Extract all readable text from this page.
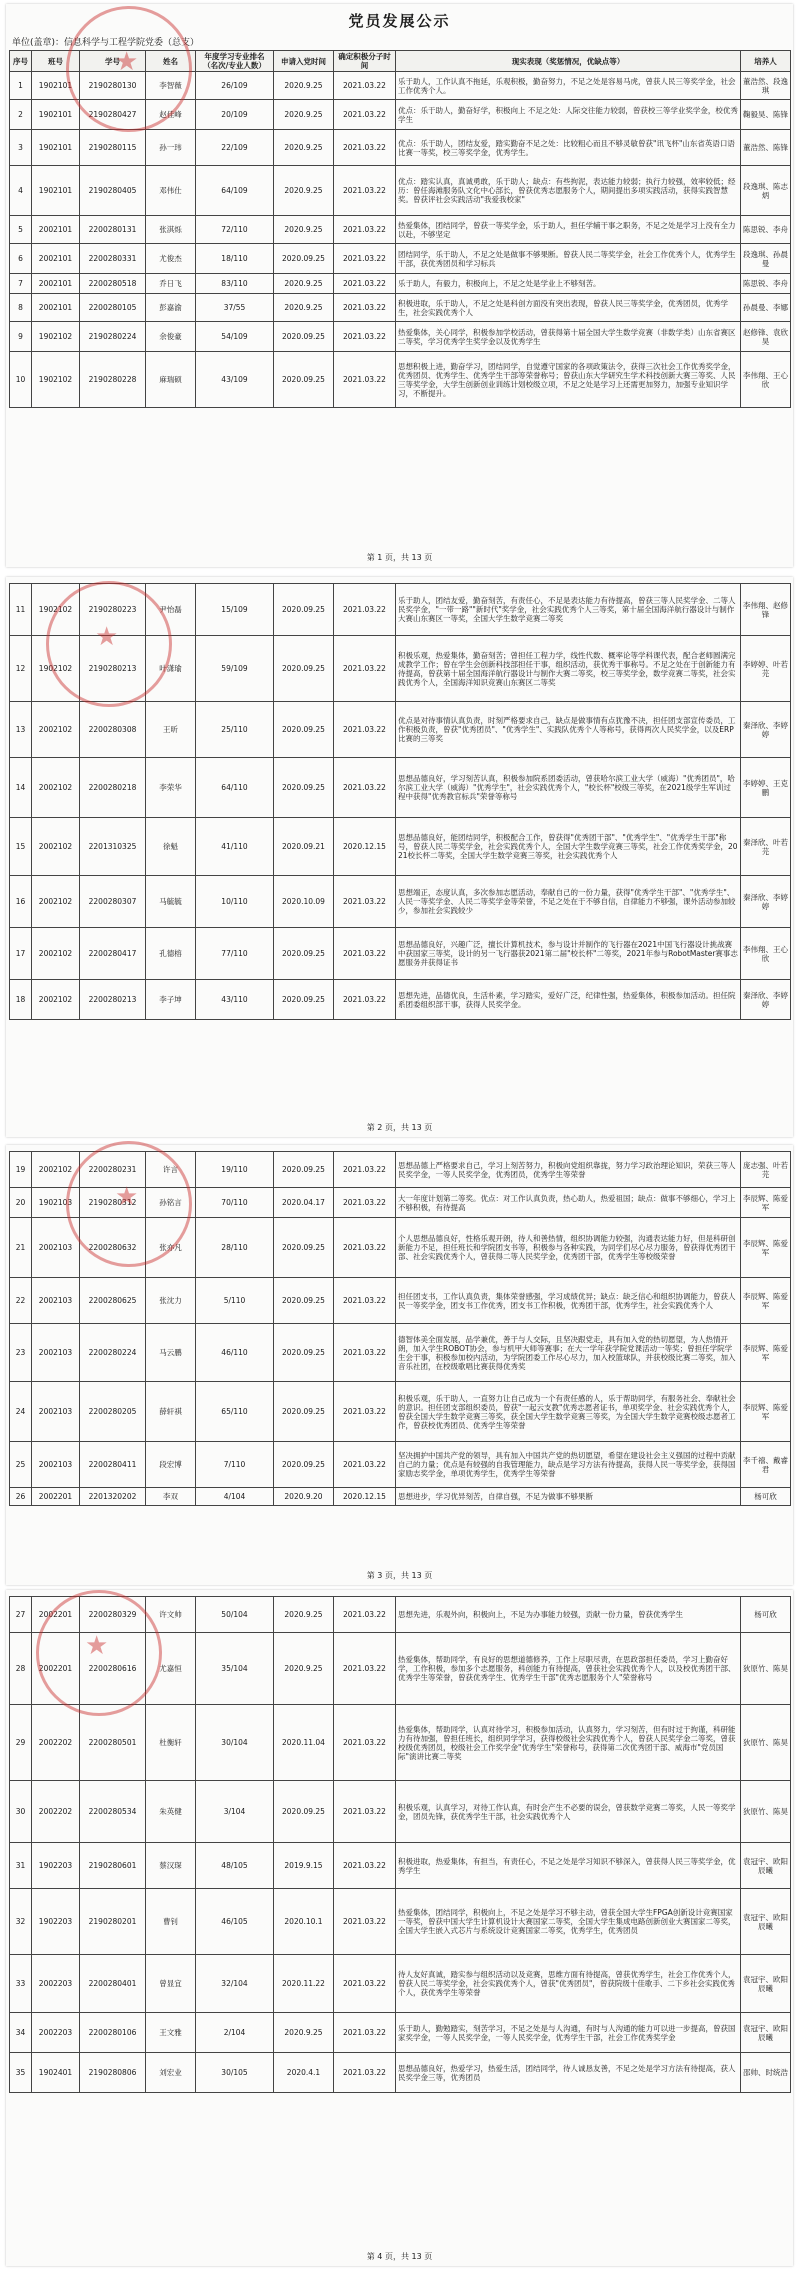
党员发展公示
单位(盖章)：信息科学与工程学院党委（总支）
序号	班号	学号	姓名	年度学习专业排名（名次/专业人数）	申请入党时间	确定积极分子时间	现实表现（奖惩情况，优缺点等）	培养人
1	1902101	2190280130	李智薇	26/109	2020.9.25	2021.03.22	乐于助人，工作认真不拖延，乐观积极，勤奋努力，不足之处是容易马虎，曾获人民三等奖学金，社会工作优秀个人。	董浩然、段逸琪
2	1902101	2190280427	赵佳峰	20/109	2020.9.25	2021.03.22	优点：乐于助人，勤奋好学，积极向上 不足之处：人际交往能力较弱，曾获校三等学业奖学金，校优秀学生	鞠毅昊、陈锋
3	1902101	2190280115	孙一玮	22/109	2020.9.25	2021.03.22	优点：乐于助人，团结友爱，踏实勤奋不足之处：比较粗心而且不够灵敏曾获"讯飞杯"山东省英语口语比赛一等奖，校三等奖学金，优秀学生。	董浩然、陈锋
4	1902101	2190280405	邓伟仕	64/109	2020.9.25	2021.03.22	优点：踏实认真，真诚勇敢，乐于助人；缺点：有些拘泥，表达能力较弱；执行力较强，效率较低；经历：曾任海滩服务队文化中心部长，曾获优秀志愿服务个人，期间提出多项实践活动，获得实践智慧奖。曾获评社会实践活动"我爱我校家"	段逸琪、陈志炳
5	2002101	2200280131	张淇烁	72/110	2020.9.25	2021.03.22	热爱集体，团结同学，曾获一等奖学金，乐于助人，担任学辅干事之职务，不足之处是学习上没有全力以赴，不够坚定	陈思锐、李舟
6	2002101	2200280331	尤俊杰	18/110	2020.09.25	2021.03.22	团结同学，乐于助人，不足之处是做事不够果断。曾获人民二等奖学金，社会工作优秀个人，优秀学生干部，获优秀团员和学习标兵	段逸琪、孙晨曼
7	2002101	2200280518	乔日飞	83/110	2020.9.25	2021.03.22	乐于助人，有毅力，积极向上，不足之处是学业上不够刻苦。	陈思锐、李舟
8	2002101	2200280105	彭嘉渝	37/55	2020.9.25	2021.03.22	积极进取，乐于助人，不足之处是科创方面没有突出表现，曾获人民三等奖学金，优秀团员，优秀学生，社会实践优秀个人	孙晨曼、李娜
9	1902102	2190280224	余俊豪	54/109	2020.09.25	2021.03.22	热爱集体，关心同学，积极参加学校活动，曾获得第十届全国大学生数学竞赛（非数学类）山东省赛区二等奖，学习优秀学生奖学金以及优秀学生	赵修锋、袁欣昊
10	1902102	2190280228	麻瑞硕	43/109	2020.09.25	2021.03.22	思想积极上进，勤奋学习，团结同学，自觉遵守国家的各项政策法令，获得三次社会工作优秀奖学金，优秀团员、优秀学生、优秀学生干部等荣誉称号；曾获山东大学研究生学术科技创新大赛三等奖、人民三等奖学金，大学生创新创业训练计划校级立项，不足之处是学习上还需更加努力，加强专业知识学习，不断提升。	李伟翔、王心欣
第 1 页，共 13 页
★
11	1902102	2190280223	尹怡磊	15/109	2020.09.25	2021.03.22	乐于助人，团结友爱，勤奋刻苦，有责任心，不足是表达能力有待提高，曾获三等人民奖学金、二等人民奖学金，"一带一路""新时代"奖学金，社会实践优秀个人三等奖，第十届全国海洋航行器设计与制作大赛山东赛区一等奖，全国大学生数学竞赛二等奖	李伟翔、赵修锋
12	1902102	2190280213	叶潇瑜	59/109	2020.09.25	2021.03.22	积极乐观，热爱集体，勤奋刻苦；曾担任工程力学，线性代数、概率论等学科课代表，配合老师圆满完成教学工作；曾在学生会创新科技部担任干事，组织活动，获优秀干事称号。不足之处在于创新能力有待提高，曾获第十届全国海洋航行器设计与制作大赛二等奖，校三等奖学金，数学竞赛二等奖，社会实践优秀个人，全国海洋知识竞赛山东赛区二等奖	李婷婷、叶若芫
13	2002102	2200280308	王昕	25/110	2020.09.25	2021.03.22	优点是对待事情认真负责，时刻严格要求自己，缺点是做事情有点犹豫不决，担任团支部宣传委员，工作积极负责，曾获"优秀团员"、"优秀学生"、实践队优秀个人等称号，获得两次人民奖学金，以及ERP比赛的三等奖	秦泽欣、李婷婷
14	2002102	2200280218	李荣华	64/110	2020.09.25	2021.03.22	思想品德良好，学习刻苦认真，积极参加院系团委活动，曾获哈尔滨工业大学（威海）"优秀团员"，哈尔滨工业大学（威海）"优秀学生"，社会实践优秀个人，"校长杯"校级三等奖，在2021级学生军训过程中获得"优秀教官标兵"荣誉等称号	李婷婷、王克鹏
15	2002102	2201310325	徐魁	41/110	2020.09.21	2020.12.15	思想品德良好，能团结同学，积极配合工作，曾获得"优秀团干部"、"优秀学生"、"优秀学生干部"称号，曾获人民二等奖学金，社会实践优秀个人，全国大学生数学竞赛三等奖，社会工作优秀奖学金，2021校长杯二等奖，全国大学生数学竞赛三等奖，社会实践优秀个人	秦泽欣、叶若芫
16	2002102	2200280307	马毓毓	10/110	2020.10.09	2021.03.22	思想端正，态度认真，多次参加志愿活动，奉献自己的一份力量，获得"优秀学生干部"、"优秀学生"、人民一等奖学金、人民二等奖学金等荣誉，不足之处在于不够自信，自律能力不够强，课外活动参加较少，参加社会实践较少	秦泽欣、李婷婷
17	2002102	2200280417	孔德榕	77/110	2020.09.25	2021.03.22	思想品德良好，兴趣广泛，擅长计算机技术，参与设计并制作的飞行器在2021中国飞行器设计挑战赛中获国家三等奖，设计的另一飞行器获2021第二届"校长杯"二等奖，2021年参与RobotMaster赛事志愿服务并获得证书	李伟翔、王心欣
18	2002102	2200280213	李子坤	43/110	2020.09.25	2021.03.22	思想先进，品德优良，生活朴素，学习踏实，爱好广泛，纪律性强，热爱集体，积极参加活动。担任院系团委组织部干事，获得人民奖学金。	秦泽欣、李婷婷
第 2 页，共 13 页
★
19	2002102	2200280231	许言	19/110	2020.09.25	2021.03.22	思想品德上严格要求自己，学习上刻苦努力，积极向党组织靠拢，努力学习政治理论知识，荣获三等人民奖学金，一等人民奖学金，优秀团员，优秀学生等荣誉	庞志强、叶若芫
20	1902103	2190280312	孙铭言	70/110	2020.04.17	2021.03.22	大一年度计划第二等奖。优点：对工作认真负责，热心助人，热爱祖国；缺点：做事不够细心，学习上不够积极，有待提高	李辰辉、陈爱军
21	2002103	2200280632	张亦凡	28/110	2020.09.25	2021.03.22	个人思想品德良好，性格乐观开朗，待人和善热情，组织协调能力较强，沟通表达能力好，但是科研创新能力不足，担任班长和学院团支书等，积极参与各种实践，为同学们尽心尽力服务，曾获得优秀团干部、社会实践优秀个人，曾获得二等人民奖学金，优秀团干部，优秀学生等校级荣誉	李辰辉、陈爱军
22	2002103	2200280625	张沈力	5/110	2020.09.25	2021.03.22	担任团支书，工作认真负责，集体荣誉感强，学习成绩优异；缺点：缺乏信心和组织协调能力，曾获人民一等奖学金，团支书工作优秀，团支书工作积极，优秀团干部，优秀学生，社会实践优秀个人	李辰辉、陈爱军
23	2002103	2200280224	马云鹏	46/110	2020.09.25	2021.03.22	德智体美全面发展，品学兼优，善于与人交际，且坚决跟党走，具有加入党的热切愿望，为人热情开朗，加入学生ROBOT协会，参与机甲大师等赛事；在大一学年获学院党课活动一等奖；曾担任学院学生会干事，积极参加校内活动，为学院团委工作尽心尽力，加入校篮球队，并获校级比赛二等奖，加入音乐社团，在校级歌唱比赛获得优秀奖	李辰辉、陈爱军
24	2002103	2200280205	薛轩祺	65/110	2020.09.25	2021.03.22	积极乐观，乐于助人，一直努力让自己成为一个有责任感的人，乐于帮助同学，有服务社会、奉献社会的意识。担任团支部组织委员，曾获"一起云支教"优秀志愿者证书，单项奖学金、社会实践优秀个人，曾获全国大学生数学竞赛三等奖，获全国大学生数学竞赛三等奖，为全国大学生数学竞赛校级志愿者工作，曾获校优秀团员、优秀学生等荣誉	李辰辉、陈爱军
25	2002103	2200280411	段宏博	7/110	2020.09.25	2021.03.22	坚决拥护中国共产党的领导，具有加入中国共产党的热切愿望，希望在建设社会主义强国的过程中贡献自己的力量；优点是有较强的自我管理能力，缺点是学习方法有待提高，获得人民一等奖学金，获得国家励志奖学金，单项优秀学生，优秀学生等荣誉	李千禧、戴睿君
26	2002201	2201320202	李双	4/104	2020.9.20	2020.12.15	思想进步，学习优异刻苦，自律自强，不足为做事不够果断	杨可欣
第 3 页，共 13 页
★
27	2002201	2200280329	许文帅	50/104	2020.9.25	2021.03.22	思想先进，乐观外向，积极向上，不足为办事能力较强，贡献一份力量，曾获优秀学生	杨可欣
28	2002201	2200280616	尤嘉恒	35/104	2020.9.25	2021.03.22	热爱集体，帮助同学，有良好的思想道德修养，工作上尽职尽责，在思政部担任委员，学习上勤奋好学，工作积极，参加多个志愿服务，科创能力有待提高，曾获社会实践优秀个人，以及校优秀团干部、优秀学生等荣誉，曾获优秀学生、优秀学生干部"优秀志愿服务个人"荣誉称号	狄原竹、陈昊
29	2002202	2200280501	杜衡轩	30/104	2020.11.04	2021.03.22	热爱集体，帮助同学，认真对待学习，积极参加活动，认真努力，学习刻苦，但有时过于拘谨，科研能力有待加强，曾担任班长，组织同学学习，获得校级社会实践优秀个人，曾获人民奖学金二等奖，曾获校级优秀团员，校级社会工作奖学金"优秀学生"荣誉称号，获得第二次优秀团干部、威海市"党员国际"演讲比赛二等奖	狄原竹、陈昊
30	2002202	2200280534	朱英健	3/104	2020.09.25	2021.03.22	积极乐观，认真学习，对待工作认真，有时会产生不必要的误会，曾获数学竞赛二等奖，人民一等奖学金，团员先锋，获优秀学生干部，社会实践优秀个人	狄原竹、陈昊
31	1902203	2190280601	蔡汉琛	48/105	2019.9.15	2021.03.22	积极进取，热爱集体，有担当，有责任心，不足之处是学习知识不够深入，曾获得人民三等奖学金，优秀学生	袁冠宇、欧阳辰曦
32	1902203	2190280201	曹钊	46/105	2020.10.1	2021.03.22	热爱集体，团结同学，积极向上，不足之处是学习不够主动，曾获全国大学生FPGA创新设计竞赛国家一等奖，曾获中国大学生计算机设计大赛国家二等奖，全国大学生集成电路创新创业大赛国家二等奖，全国大学生嵌入式芯片与系统设计竞赛国家二等奖，优秀学生，优秀团员	袁冠宇、欧阳辰曦
33	2002203	2200280401	曾显宜	32/104	2020.11.22	2021.03.22	待人友好真诚，踏实参与组织活动以及竞赛，思维方面有待提高，曾获优秀学生，社会工作优秀个人，曾获人民二等奖学金，社会实践优秀个人，曾获"优秀团员"，曾获院级十佳歌手、二下乡社会实践优秀个人，获优秀学生等荣誉	袁冠宇、欧阳辰曦
34	2002203	2200280106	王文雅	2/104	2020.9.25	2021.03.22	乐于助人，勤勉踏实，刻苦学习，不足之处是与人沟通，有时与人沟通的能力可以进一步提高，曾获国家奖学金，一等人民奖学金，一等人民奖学金，优秀学生干部，社会工作优秀奖学金	袁冠宇、欧阳辰曦
35	1902401	2190280806	刘宏业	30/105	2020.4.1	2021.03.22	思想品德良好，热爱学习，热爱生活，团结同学，待人诚恳友善，不足之处是学习方法有待提高，获人民奖学金三等，优秀团员	邵帅、时统浩
第 4 页，共 13 页
★
